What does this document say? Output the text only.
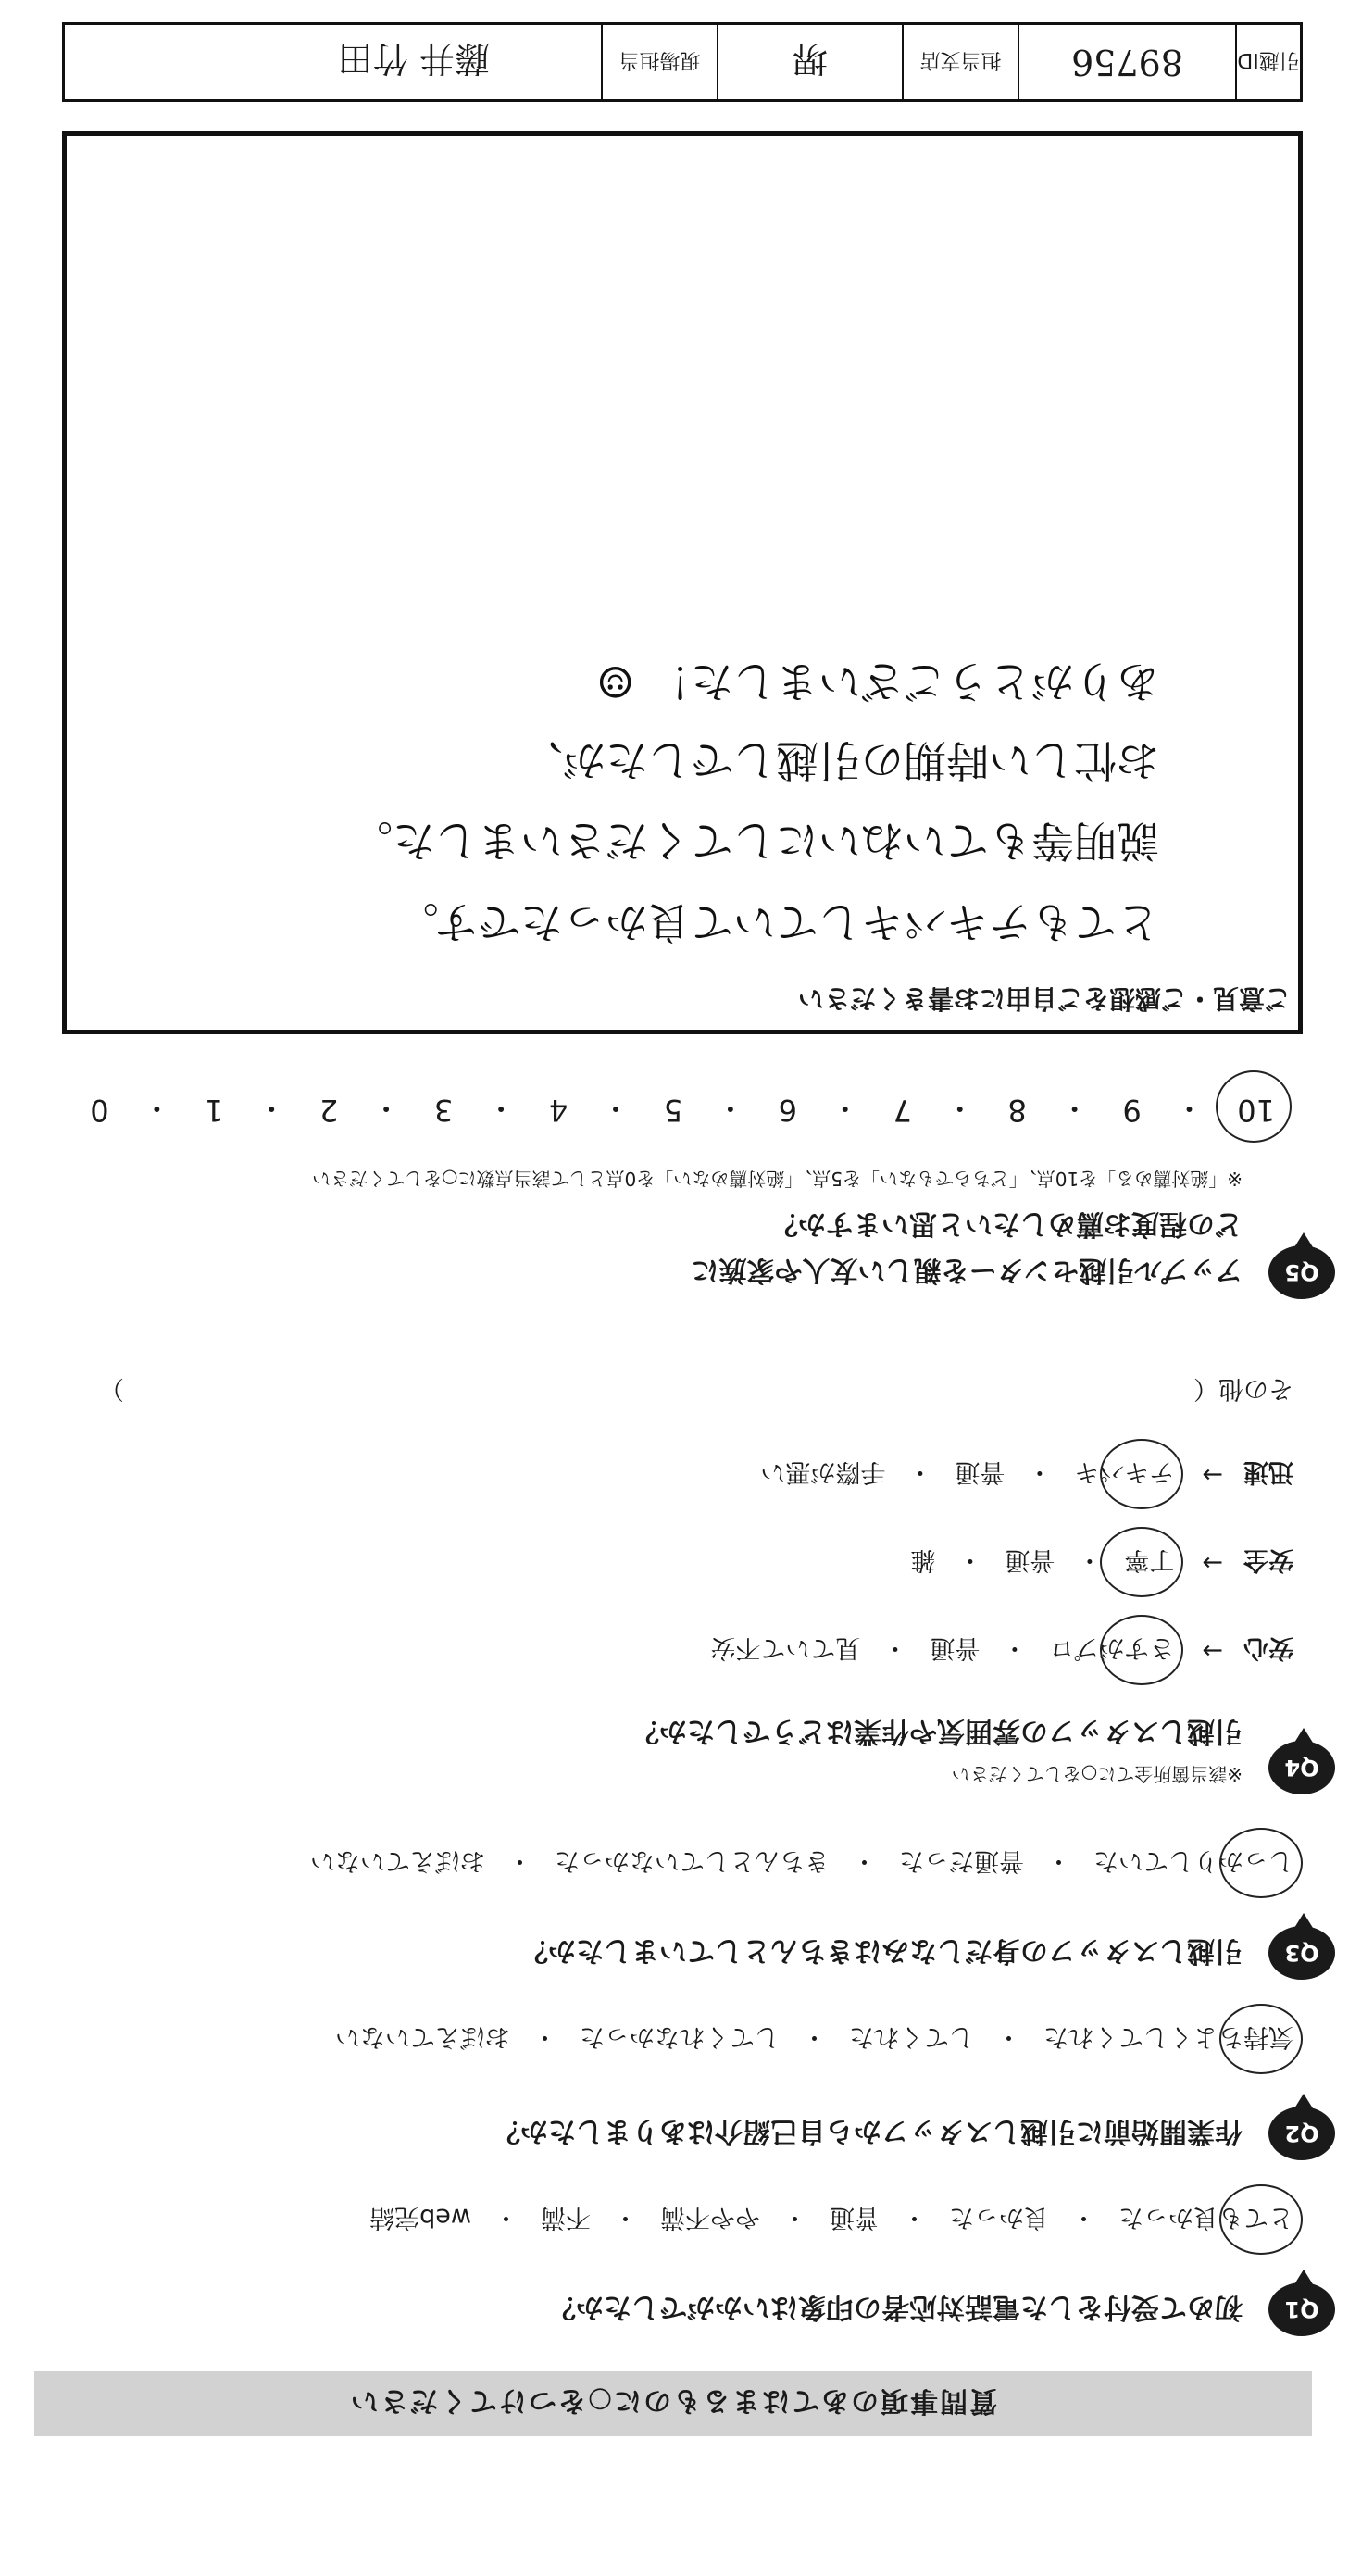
質問事項のあてはまるものに○をつけてください
Q1
初めて受付をした電話対応者の印象はいかがでしたか？
とても良かった
・
良かった
・
普通
・
やや不満
・
不満
・
web完結
Q2
作業開始前に引越しスタッフから自己紹介はありましたか？
気持ちよくしてくれた
・
してくれた
・
してくれなかった
・
おぼえていない
Q3
引越しスタッフの身だしなみはきちんとしていましたか？
しっかりしていた
・
普通だった
・
きちんとしていなかった
・
おぼえていない
Q4
※該当箇所全てに○をしてください
引越しスタッフの雰囲気や作業はどうでしたか？
安心
→
さすがプロ
・
普通
・
見ていて不安
安全
→
丁寧
・
普通
・
雑
迅速
→
テキパキ
・
普通
・
手際が悪い
その他（
）
Q5
アップル引越センターを親しい友人や家族に
どの程度お薦めしたいと思いますか？
※「絶対薦める」を10点、「どちらでもない」を5点、「絶対薦めない」を0点として該当点数に○をしてください
10
・
9
・
8
・
7
・
6
・
5
・
4
・
3
・
2
・
1
・
0
ご意見・ご感想をご自由にお書きください
とてもテキパキしていて良かったです。
説明等もていねいにしてくださいました。
お忙しい時期の引越しでしたが、
ありがとうございました！ ☺
引越ID
89756
担当支店
堺
現場担当
藤井 竹田
